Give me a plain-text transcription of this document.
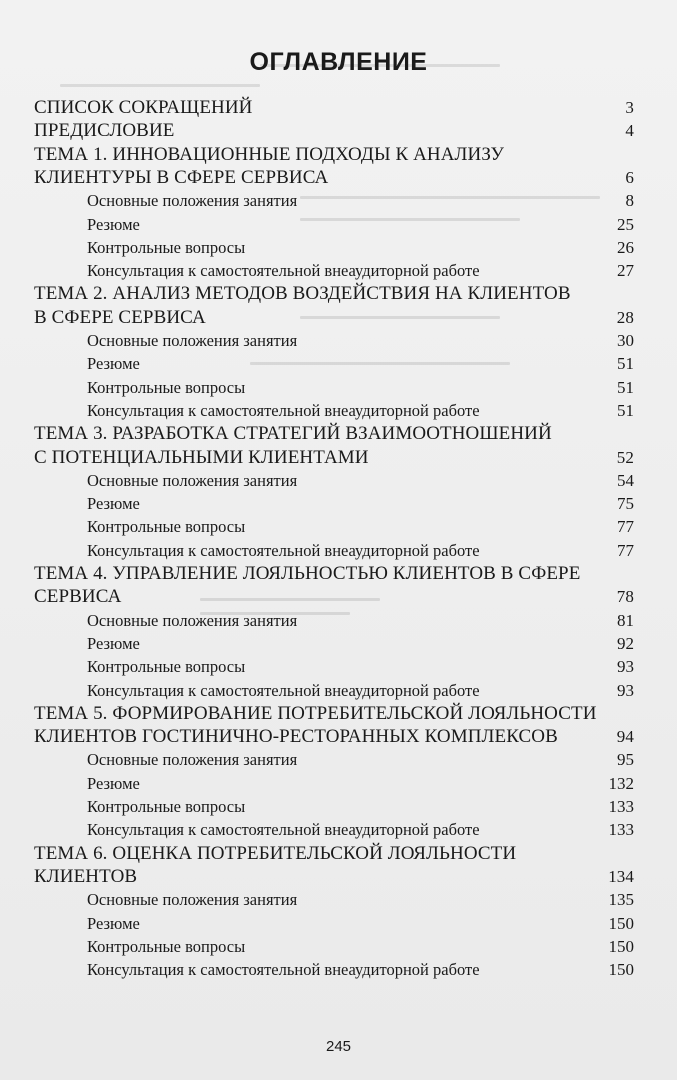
ОГЛАВЛЕНИЕ
СПИСОК СОКРАЩЕНИЙ	3
ПРЕДИСЛОВИЕ	4
ТЕМА 1. ИННОВАЦИОННЫЕ ПОДХОДЫ К АНАЛИЗУ
КЛИЕНТУРЫ В СФЕРЕ СЕРВИСА	6
Основные положения занятия	8
Резюме	25
Контрольные вопросы	26
Консультация к самостоятельной внеаудиторной работе	27
ТЕМА 2. АНАЛИЗ МЕТОДОВ ВОЗДЕЙСТВИЯ НА КЛИЕНТОВ
В СФЕРЕ СЕРВИСА	28
Основные положения занятия	30
Резюме	51
Контрольные вопросы	51
Консультация к самостоятельной внеаудиторной работе	51
ТЕМА 3. РАЗРАБОТКА СТРАТЕГИЙ ВЗАИМООТНОШЕНИЙ
С ПОТЕНЦИАЛЬНЫМИ КЛИЕНТАМИ	52
Основные положения занятия	54
Резюме	75
Контрольные вопросы	77
Консультация к самостоятельной внеаудиторной работе	77
ТЕМА 4. УПРАВЛЕНИЕ ЛОЯЛЬНОСТЬЮ КЛИЕНТОВ В СФЕРЕ
СЕРВИСА	78
Основные положения занятия	81
Резюме	92
Контрольные вопросы	93
Консультация к самостоятельной внеаудиторной работе	93
ТЕМА 5. ФОРМИРОВАНИЕ ПОТРЕБИТЕЛЬСКОЙ ЛОЯЛЬНОСТИ
КЛИЕНТОВ ГОСТИНИЧНО-РЕСТОРАННЫХ КОМПЛЕКСОВ	94
Основные положения занятия	95
Резюме	132
Контрольные вопросы	133
Консультация к самостоятельной внеаудиторной работе	133
ТЕМА 6. ОЦЕНКА ПОТРЕБИТЕЛЬСКОЙ ЛОЯЛЬНОСТИ
КЛИЕНТОВ	134
Основные положения занятия	135
Резюме	150
Контрольные вопросы	150
Консультация к самостоятельной внеаудиторной работе	150
245
